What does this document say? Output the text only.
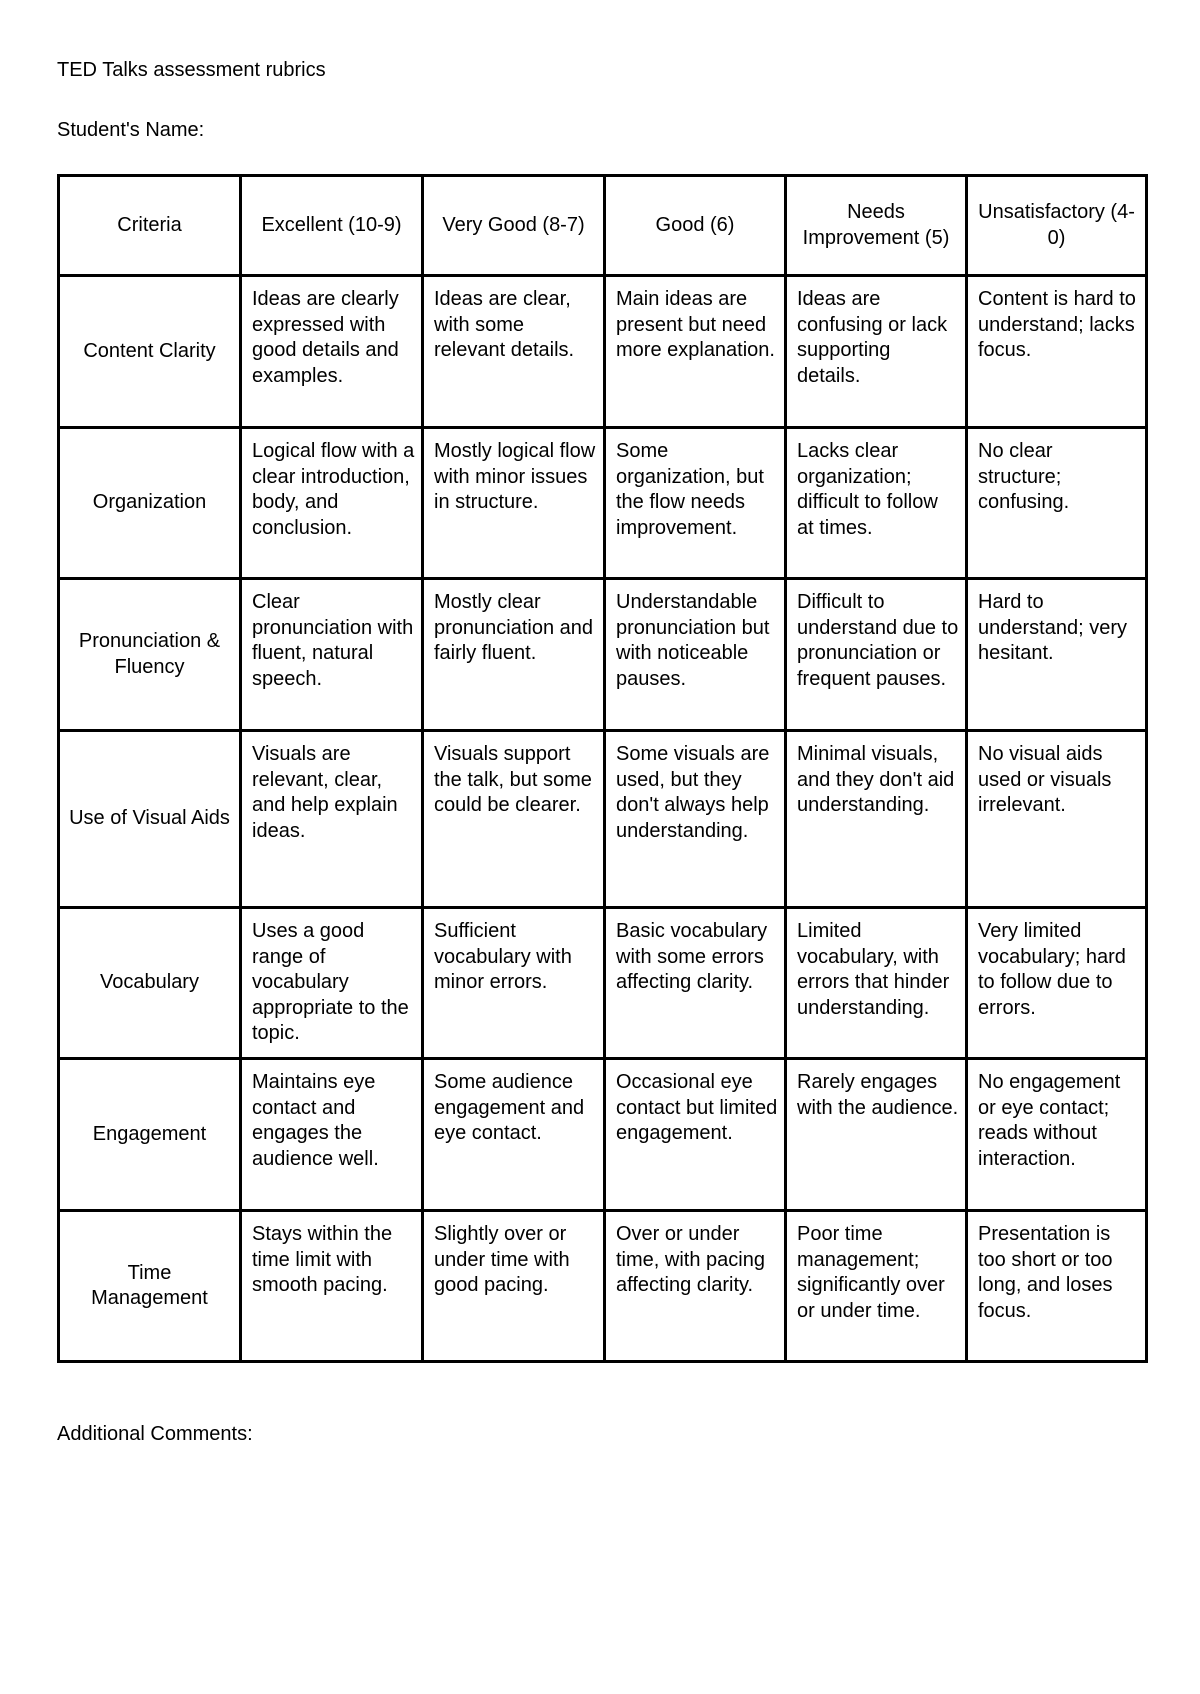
TED Talks assessment rubrics

Student's Name:

Criteria	Excellent (10-9)	Very Good (8-7)	Good (6)	Needs Improvement (5)	Unsatisfactory (4-0)
Content Clarity	Ideas are clearly expressed with good details and examples.	Ideas are clear, with some relevant details.	Main ideas are present but need more explanation.	Ideas are confusing or lack supporting details.	Content is hard to understand; lacks focus.
Organization	Logical flow with a clear introduction, body, and conclusion.	Mostly logical flow with minor issues in structure.	Some organization, but the flow needs improvement.	Lacks clear organization; difficult to follow at times.	No clear structure; confusing.
Pronunciation & Fluency	Clear pronunciation with fluent, natural speech.	Mostly clear pronunciation and fairly fluent.	Understandable pronunciation but with noticeable pauses.	Difficult to understand due to pronunciation or frequent pauses.	Hard to understand; very hesitant.
Use of Visual Aids	Visuals are relevant, clear, and help explain ideas.	Visuals support the talk, but some could be clearer.	Some visuals are used, but they don't always help understanding.	Minimal visuals, and they don't aid understanding.	No visual aids used or visuals irrelevant.
Vocabulary	Uses a good range of vocabulary appropriate to the topic.	Sufficient vocabulary with minor errors.	Basic vocabulary with some errors affecting clarity.	Limited vocabulary, with errors that hinder understanding.	Very limited vocabulary; hard to follow due to errors.
Engagement	Maintains eye contact and engages the audience well.	Some audience engagement and eye contact.	Occasional eye contact but limited engagement.	Rarely engages with the audience.	No engagement or eye contact; reads without interaction.
Time Management	Stays within the time limit with smooth pacing.	Slightly over or under time with good pacing.	Over or under time, with pacing affecting clarity.	Poor time management; significantly over or under time.	Presentation is too short or too long, and loses focus.

Additional Comments:
